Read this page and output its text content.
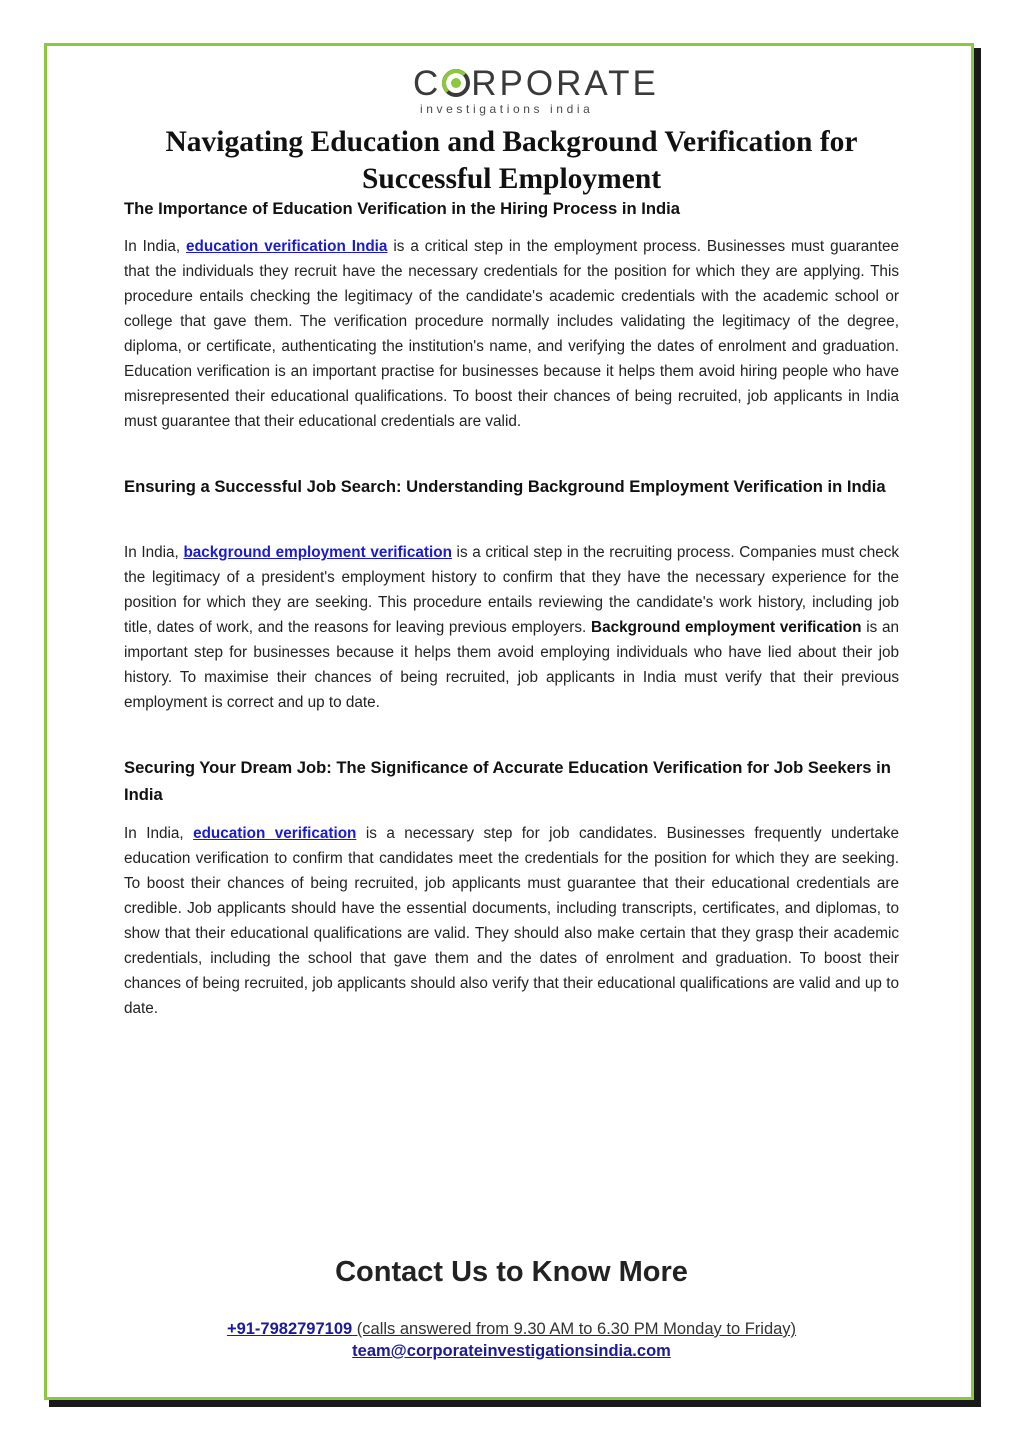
C RPORATE
investigations india
Navigating Education and Background Verification for Successful Employment
The Importance of Education Verification in the Hiring Process in India

In India, education verification India is a critical step in the employment process. Businesses must guarantee that the individuals they recruit have the necessary credentials for the position for which they are applying. This procedure entails checking the legitimacy of the candidate's academic credentials with the academic school or college that gave them. The verification procedure normally includes validating the legitimacy of the degree, diploma, or certificate, authenticating the institution's name, and verifying the dates of enrolment and graduation. Education verification is an important practise for businesses because it helps them avoid hiring people who have misrepresented their educational qualifications. To boost their chances of being recruited, job applicants in India must guarantee that their educational credentials are valid.

Ensuring a Successful Job Search: Understanding Background Employment Verification in India

In India, background employment verification is a critical step in the recruiting process. Companies must check the legitimacy of a president's employment history to confirm that they have the necessary experience for the position for which they are seeking. This procedure entails reviewing the candidate's work history, including job title, dates of work, and the reasons for leaving previous employers. Background employment verification is an important step for businesses because it helps them avoid employing individuals who have lied about their job history. To maximise their chances of being recruited, job applicants in India must verify that their previous employment is correct and up to date.

Securing Your Dream Job: The Significance of Accurate Education Verification for Job Seekers in India

In India, education verification is a necessary step for job candidates. Businesses frequently undertake education verification to confirm that candidates meet the credentials for the position for which they are seeking. To boost their chances of being recruited, job applicants must guarantee that their educational credentials are credible. Job applicants should have the essential documents, including transcripts, certificates, and diplomas, to show that their educational qualifications are valid. They should also make certain that they grasp their academic credentials, including the school that gave them and the dates of enrolment and graduation. To boost their chances of being recruited, job applicants should also verify that their educational qualifications are valid and up to date.

Contact Us to Know More

+91-7982797109 (calls answered from 9.30 AM to 6.30 PM Monday to Friday)

team@corporateinvestigationsindia.com
